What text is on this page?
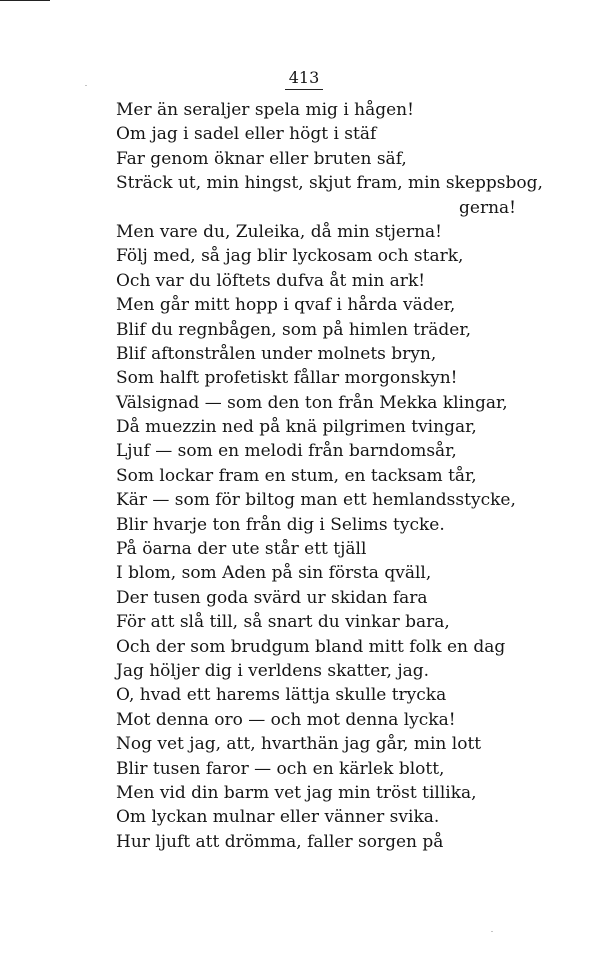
413
Mer än seraljer spela mig i hågen!
Om jag i sadel eller högt i stäf
Far genom öknar eller bruten säf,
Sträck ut, min hingst, skjut fram, min skeppsbog,
gerna!
Men vare du, Zuleika, då min stjerna!
Följ med, så jag blir lyckosam och stark,
Och var du löftets dufva åt min ark!
Men går mitt hopp i qvaf i hårda väder,
Blif du regnbågen, som på himlen träder,
Blif aftonstrålen under molnets bryn,
Som halft profetiskt fållar morgonskyn!
Välsignad — som den ton från Mekka klingar,
Då muezzin ned på knä pilgrimen tvingar,
Ljuf — som en melodi från barndomsår,
Som lockar fram en stum, en tacksam tår,
Kär — som för biltog man ett hemlandsstycke,
Blir hvarje ton från dig i Selims tycke.
På öarna der ute står ett tjäll
I blom, som Aden på sin första qväll,
Der tusen goda svärd ur skidan fara
För att slå till, så snart du vinkar bara,
Och der som brudgum bland mitt folk en dag
Jag höljer dig i verldens skatter, jag.
O, hvad ett harems lättja skulle trycka
Mot denna oro — och mot denna lycka!
Nog vet jag, att, hvarthän jag går, min lott
Blir tusen faror — och en kärlek blott,
Men vid din barm vet jag min tröst tillika,
Om lyckan mulnar eller vänner svika.
Hur ljuft att drömma, faller sorgen på
